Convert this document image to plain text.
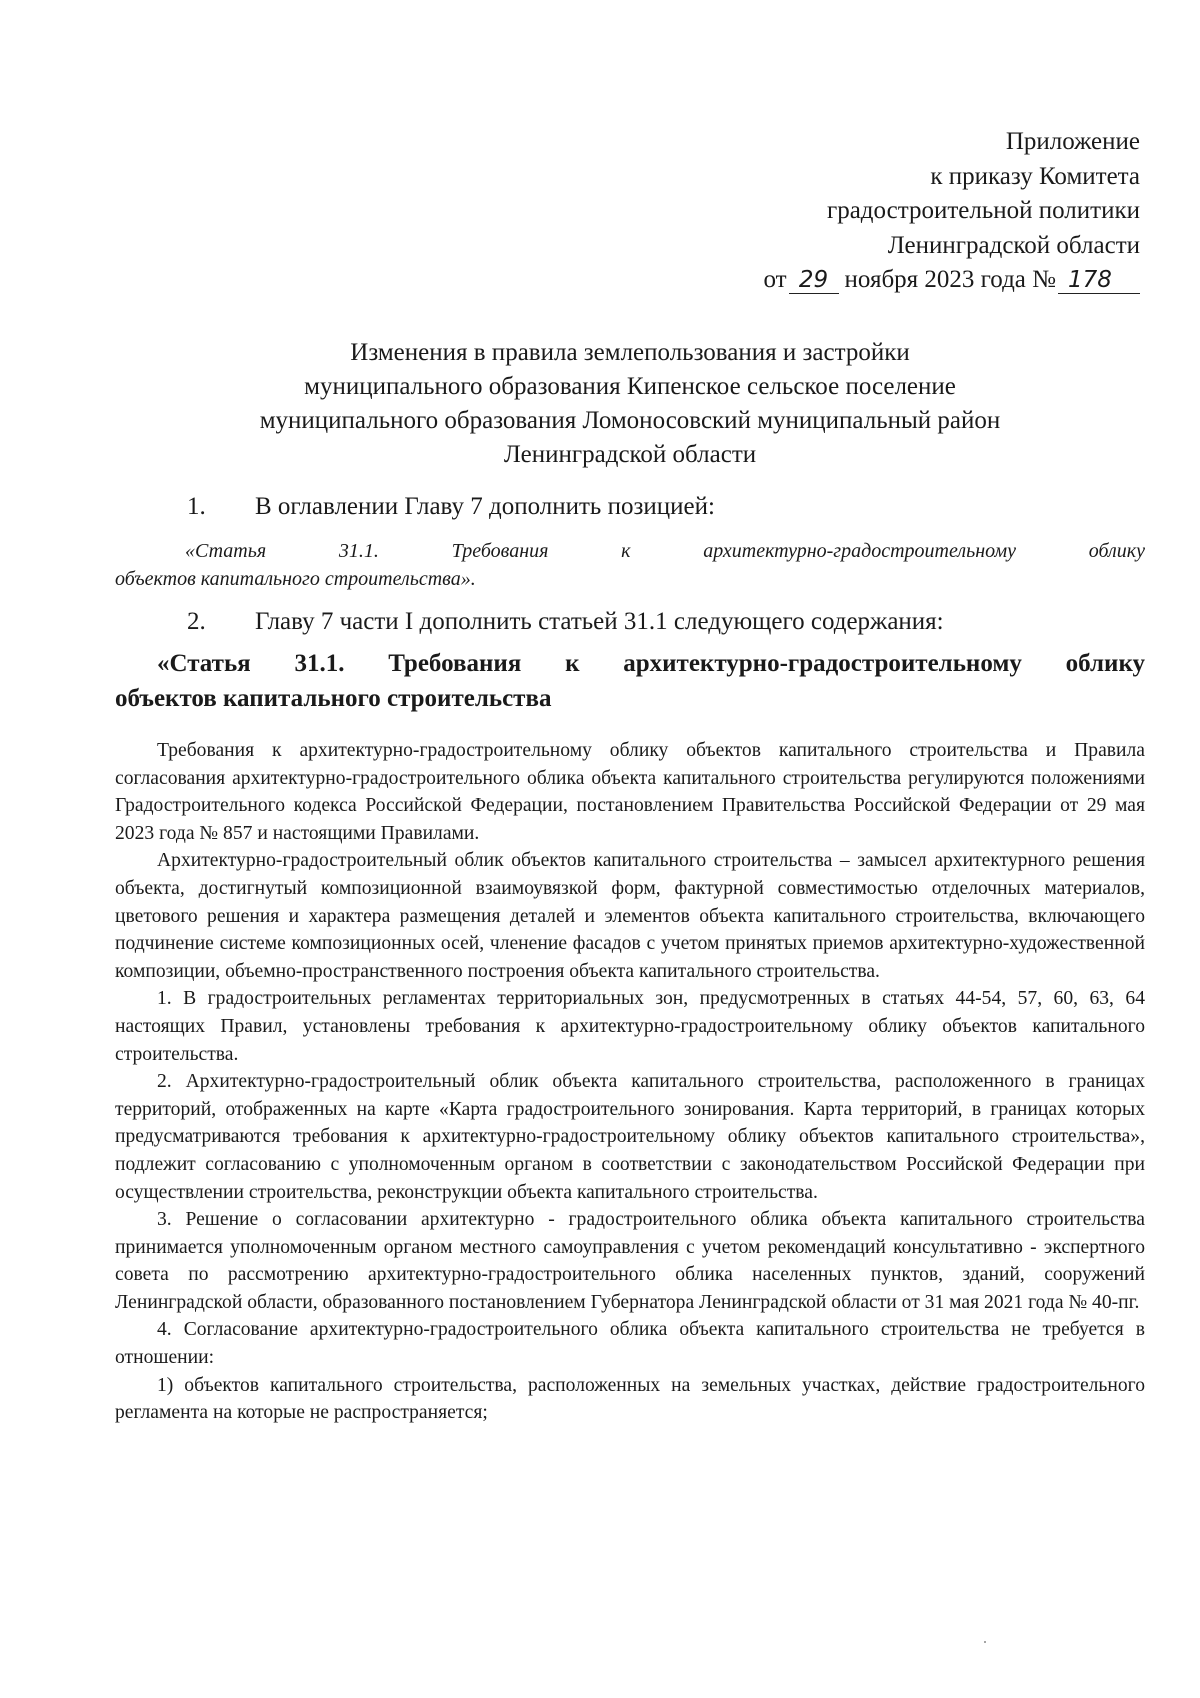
Приложение
к приказу Комитета
градостроительной политики
Ленинградской области
от 29 ноября 2023 года № 178
Изменения в правила землепользования и застройки
муниципального образования Кипенское сельское поселение
муниципального образования Ломоносовский муниципальный район
Ленинградской области
1. В оглавлении Главу 7 дополнить позицией:
«Статья 31.1. Требования к архитектурно-градостроительному облику
объектов капитального строительства».
2. Главу 7 части I дополнить статьей 31.1 следующего содержания:
«Статья 31.1. Требования к архитектурно-градостроительному облику
объектов капитального строительства

Требования к архитектурно-градостроительному облику объектов капитального строительства и Правила согласования архитектурно-градостроительного облика объекта капитального строительства регулируются положениями Градостроительного кодекса Российской Федерации, постановлением Правительства Российской Федерации от 29 мая 2023 года № 857 и настоящими Правилами.

Архитектурно-градостроительный облик объектов капитального строительства – замысел архитектурного решения объекта, достигнутый композиционной взаимоувязкой форм, фактурной совместимостью отделочных материалов, цветового решения и характера размещения деталей и элементов объекта капитального строительства, включающего подчинение системе композиционных осей, членение фасадов с учетом принятых приемов архитектурно-художественной композиции, объемно-пространственного построения объекта капитального строительства.

1. В градостроительных регламентах территориальных зон, предусмотренных в статьях 44-54, 57, 60, 63, 64 настоящих Правил, установлены требования к архитектурно-градостроительному облику объектов капитального строительства.

2. Архитектурно-градостроительный облик объекта капитального строительства, расположенного в границах территорий, отображенных на карте «Карта градостроительного зонирования. Карта территорий, в границах которых предусматриваются требования к архитектурно-градостроительному облику объектов капитального строительства», подлежит согласованию с уполномоченным органом в соответствии с законодательством Российской Федерации при осуществлении строительства, реконструкции объекта капитального строительства.

3. Решение о согласовании архитектурно - градостроительного облика объекта капитального строительства принимается уполномоченным органом местного самоуправления с учетом рекомендаций консультативно - экспертного совета по рассмотрению архитектурно-градостроительного облика населенных пунктов, зданий, сооружений Ленинградской области, образованного постановлением Губернатора Ленинградской области от 31 мая 2021 года № 40-пг.

4. Согласование архитектурно-градостроительного облика объекта капитального строительства не требуется в отношении:

1) объектов капитального строительства, расположенных на земельных участках, действие градостроительного регламента на которые не распространяется;
